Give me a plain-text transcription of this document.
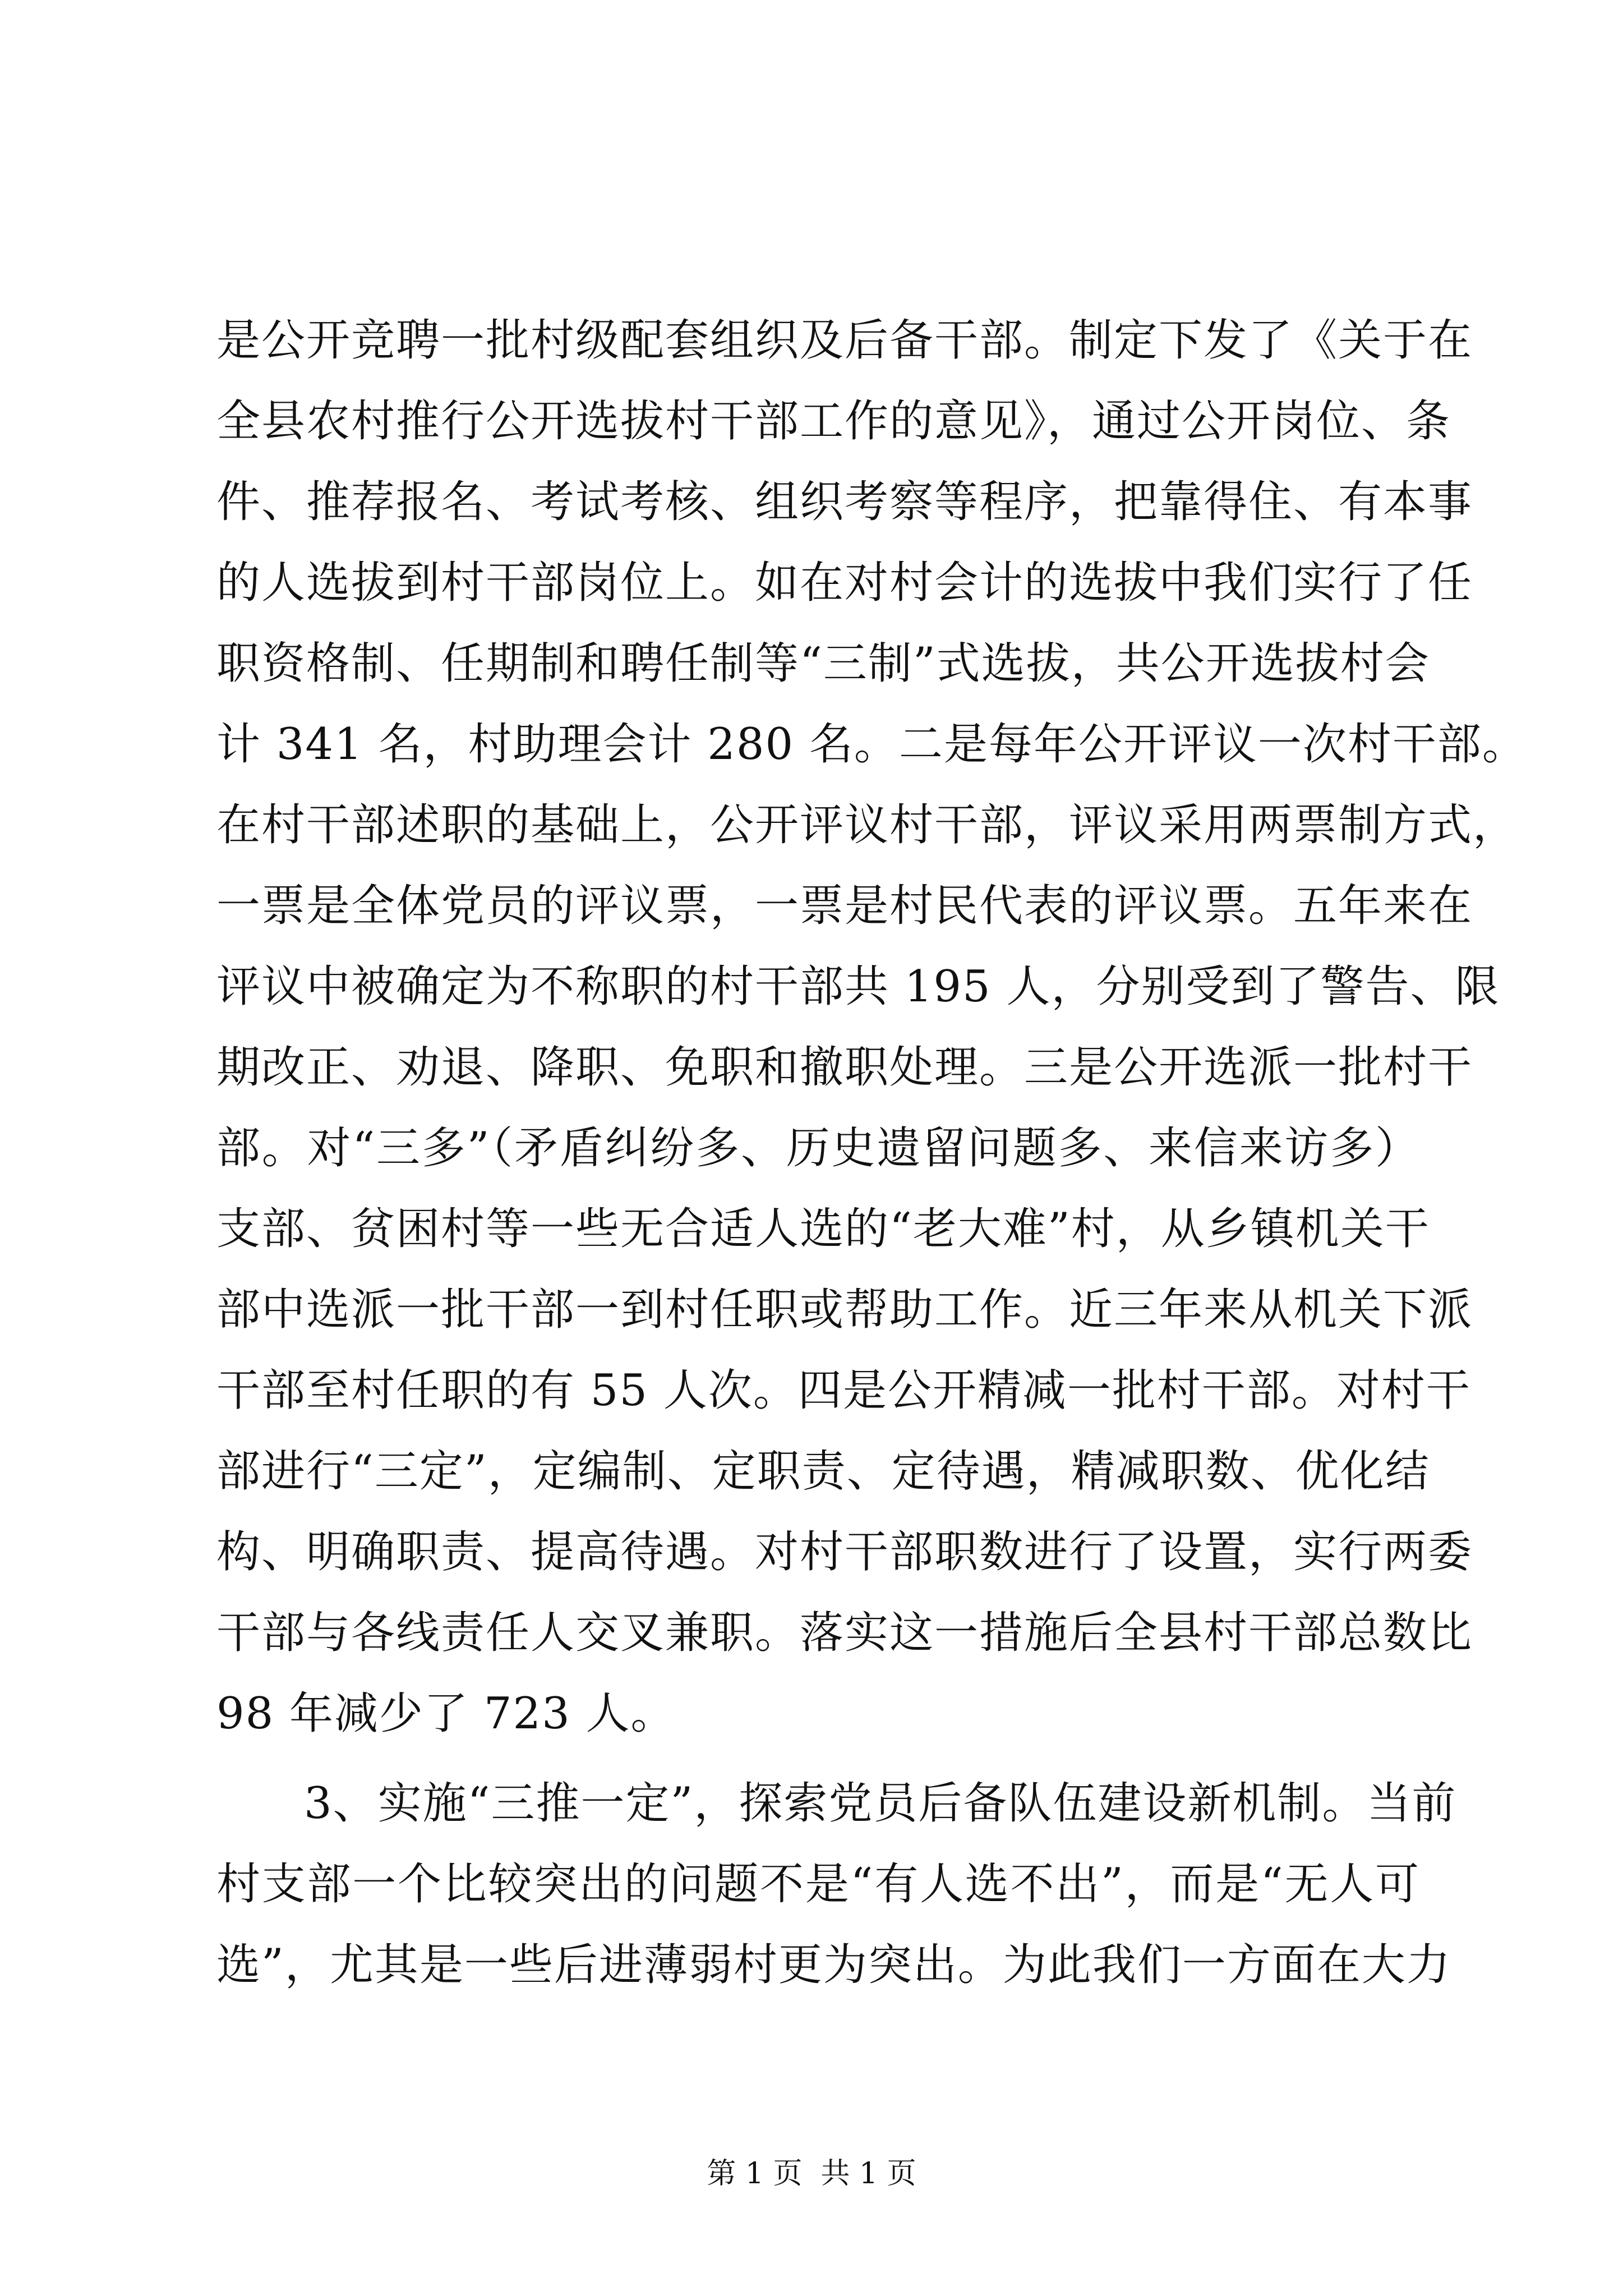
是公开竞聘一批村级配套组织及后备干部。制定下发了《关于在
全县农村推行公开选拔村干部工作的意见》，通过公开岗位、条
件、推荐报名、考试考核、组织考察等程序，把靠得住、有本事
的人选拔到村干部岗位上。如在对村会计的选拔中我们实行了任
职资格制、任期制和聘任制等“三制”式选拔，共公开选拔村会
计 341 名，村助理会计 280 名。二是每年公开评议一次村干部。
在村干部述职的基础上，公开评议村干部，评议采用两票制方式，
一票是全体党员的评议票，一票是村民代表的评议票。五年来在
评议中被确定为不称职的村干部共 195 人，分别受到了警告、限
期改正、劝退、降职、免职和撤职处理。三是公开选派一批村干
部。对“三多”（矛盾纠纷多、历史遗留问题多、来信来访多）
支部、贫困村等一些无合适人选的“老大难”村，从乡镇机关干
部中选派一批干部一到村任职或帮助工作。近三年来从机关下派
干部至村任职的有 55 人次。四是公开精减一批村干部。对村干
部进行“三定”，定编制、定职责、定待遇，精减职数、优化结
构、明确职责、提高待遇。对村干部职数进行了设置，实行两委
干部与各线责任人交叉兼职。落实这一措施后全县村干部总数比
98 年减少了 723 人。
3、实施“三推一定”，探索党员后备队伍建设新机制。当前
村支部一个比较突出的问题不是“有人选不出”，而是“无人可
选”，尤其是一些后进薄弱村更为突出。为此我们一方面在大力
第 1 页  共 1 页
